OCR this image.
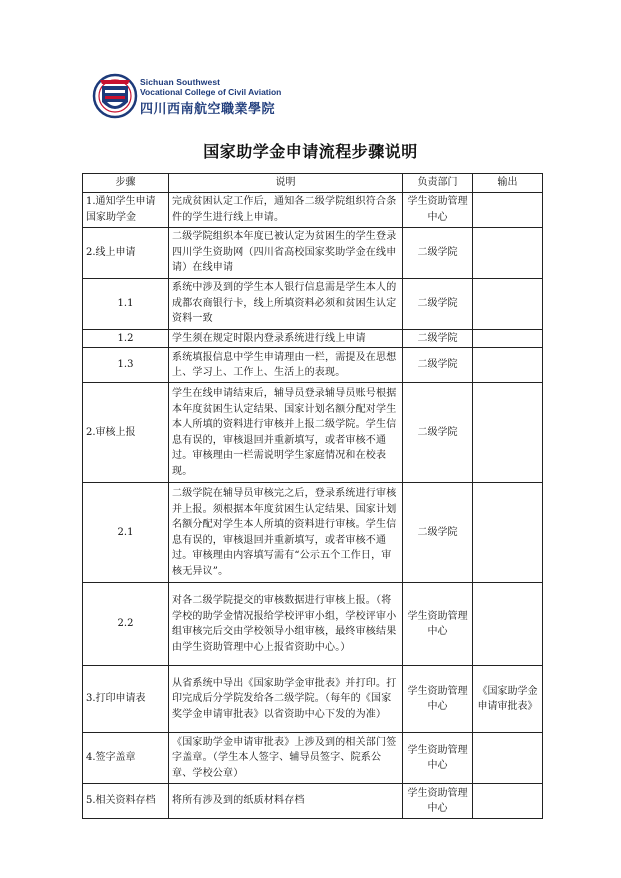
Sichuan Southwest
Vocational College of Civil Aviation
四川西南航空職業學院
国家助学金申请流程步骤说明
步骤	说明	负责部门	输出
1.通知学生申请国家助学金	完成贫困认定工作后，通知各二级学院组织符合条件的学生进行线上申请。	学生资助管理中心	
2.线上申请	二级学院组织本年度已被认定为贫困生的学生登录四川学生资助网（四川省高校国家奖助学金在线申请）在线申请	二级学院	
1.1	系统中涉及到的学生本人银行信息需是学生本人的成都农商银行卡，线上所填资料必须和贫困生认定资料一致	二级学院	
1.2	学生须在规定时限内登录系统进行线上申请	二级学院	
1.3	系统填报信息中学生申请理由一栏，需提及在思想上、学习上、工作上、生活上的表现。	二级学院	
2.审核上报	学生在线申请结束后，辅导员登录辅导员账号根据本年度贫困生认定结果、国家计划名额分配对学生本人所填的资料进行审核并上报二级学院。学生信息有误的，审核退回并重新填写，或者审核不通过。审核理由一栏需说明学生家庭情况和在校表现。	二级学院	
2.1	二级学院在辅导员审核完之后，登录系统进行审核并上报。须根据本年度贫困生认定结果、国家计划名额分配对学生本人所填的资料进行审核。学生信息有误的，审核退回并重新填写，或者审核不通过。审核理由内容填写需有“公示五个工作日，审核无异议”。	二级学院	
2.2	对各二级学院提交的审核数据进行审核上报。（将学校的助学金情况报给学校评审小组，学校评审小组审核完后交由学校领导小组审核，最终审核结果由学生资助管理中心上报省资助中心。）	学生资助管理中心	
3.打印申请表	从省系统中导出《国家助学金审批表》并打印。打印完成后分学院发给各二级学院。（每年的《国家奖学金申请审批表》以省资助中心下发的为准）	学生资助管理中心	《国家助学金申请审批表》
4.签字盖章	《国家助学金申请审批表》上涉及到的相关部门签字盖章。（学生本人签字、辅导员签字、院系公章、学校公章）	学生资助管理中心	
5.相关资料存档	将所有涉及到的纸质材料存档	学生资助管理中心	
